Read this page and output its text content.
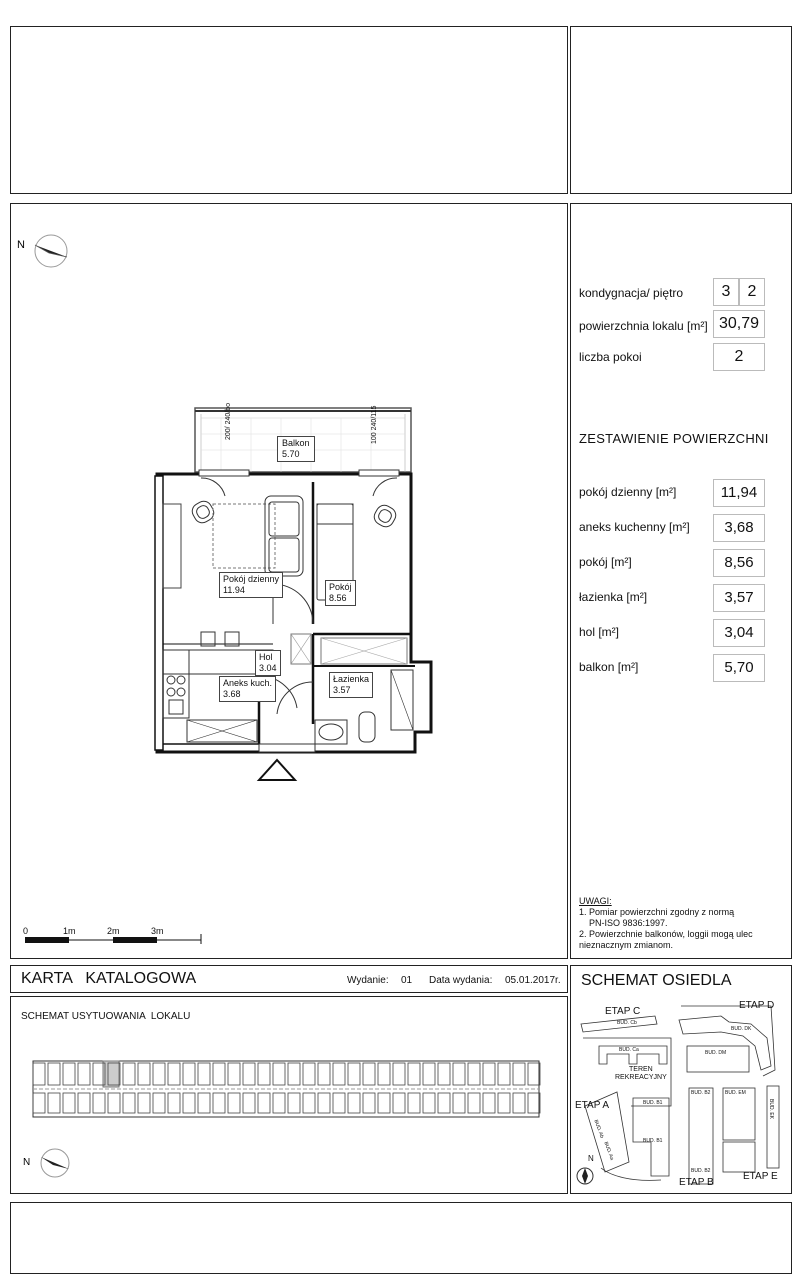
N
Balkon
5.70
Pokój dzienny
11.94	Pokój
8.56
Hol
3.04
Aneks kuch.
3.68
Łazienka
3.57
200/ 240/bo
100 240/115
0	1m	2m	3m
kondygnacja/ piętro	3	2
powierzchnia lokalu [m²] 30,79
liczba pokoi	2
ZESTAWIENIE POWIERZCHNI
pokój dzienny [m²]	11,94
aneks kuchenny [m²]	3,68
pokój [m²]	8,56
łazienka [m²]	3,57
hol [m²]	3,04
balkon [m²]	5,70
UWAGI:
1. Pomiar powierzchni zgodny z normą
PN-ISO 9836:1997.
2. Powierzchnie balkonów, loggii mogą ulec
nieznacznym zmianom.
KARTA   KATALOGOWA	Wydanie: 01 Data wydania: 05.01.2017r.
SCHEMAT USYTUOWANIA  LOKALU
N
SCHEMAT OSIEDLA
ETAP C
ETAP D
ETAP A
ETAP B
ETAP E
TEREN
REKREACYJNY
BUD. Cb
BUD. Ca
BUD. DK
BUD. DM
BUD. B2	BUD. EM
BUD. B1	BUD. EK
BUD. B1
BUD. B2
BUD. Ab
BUD. Aa
N
